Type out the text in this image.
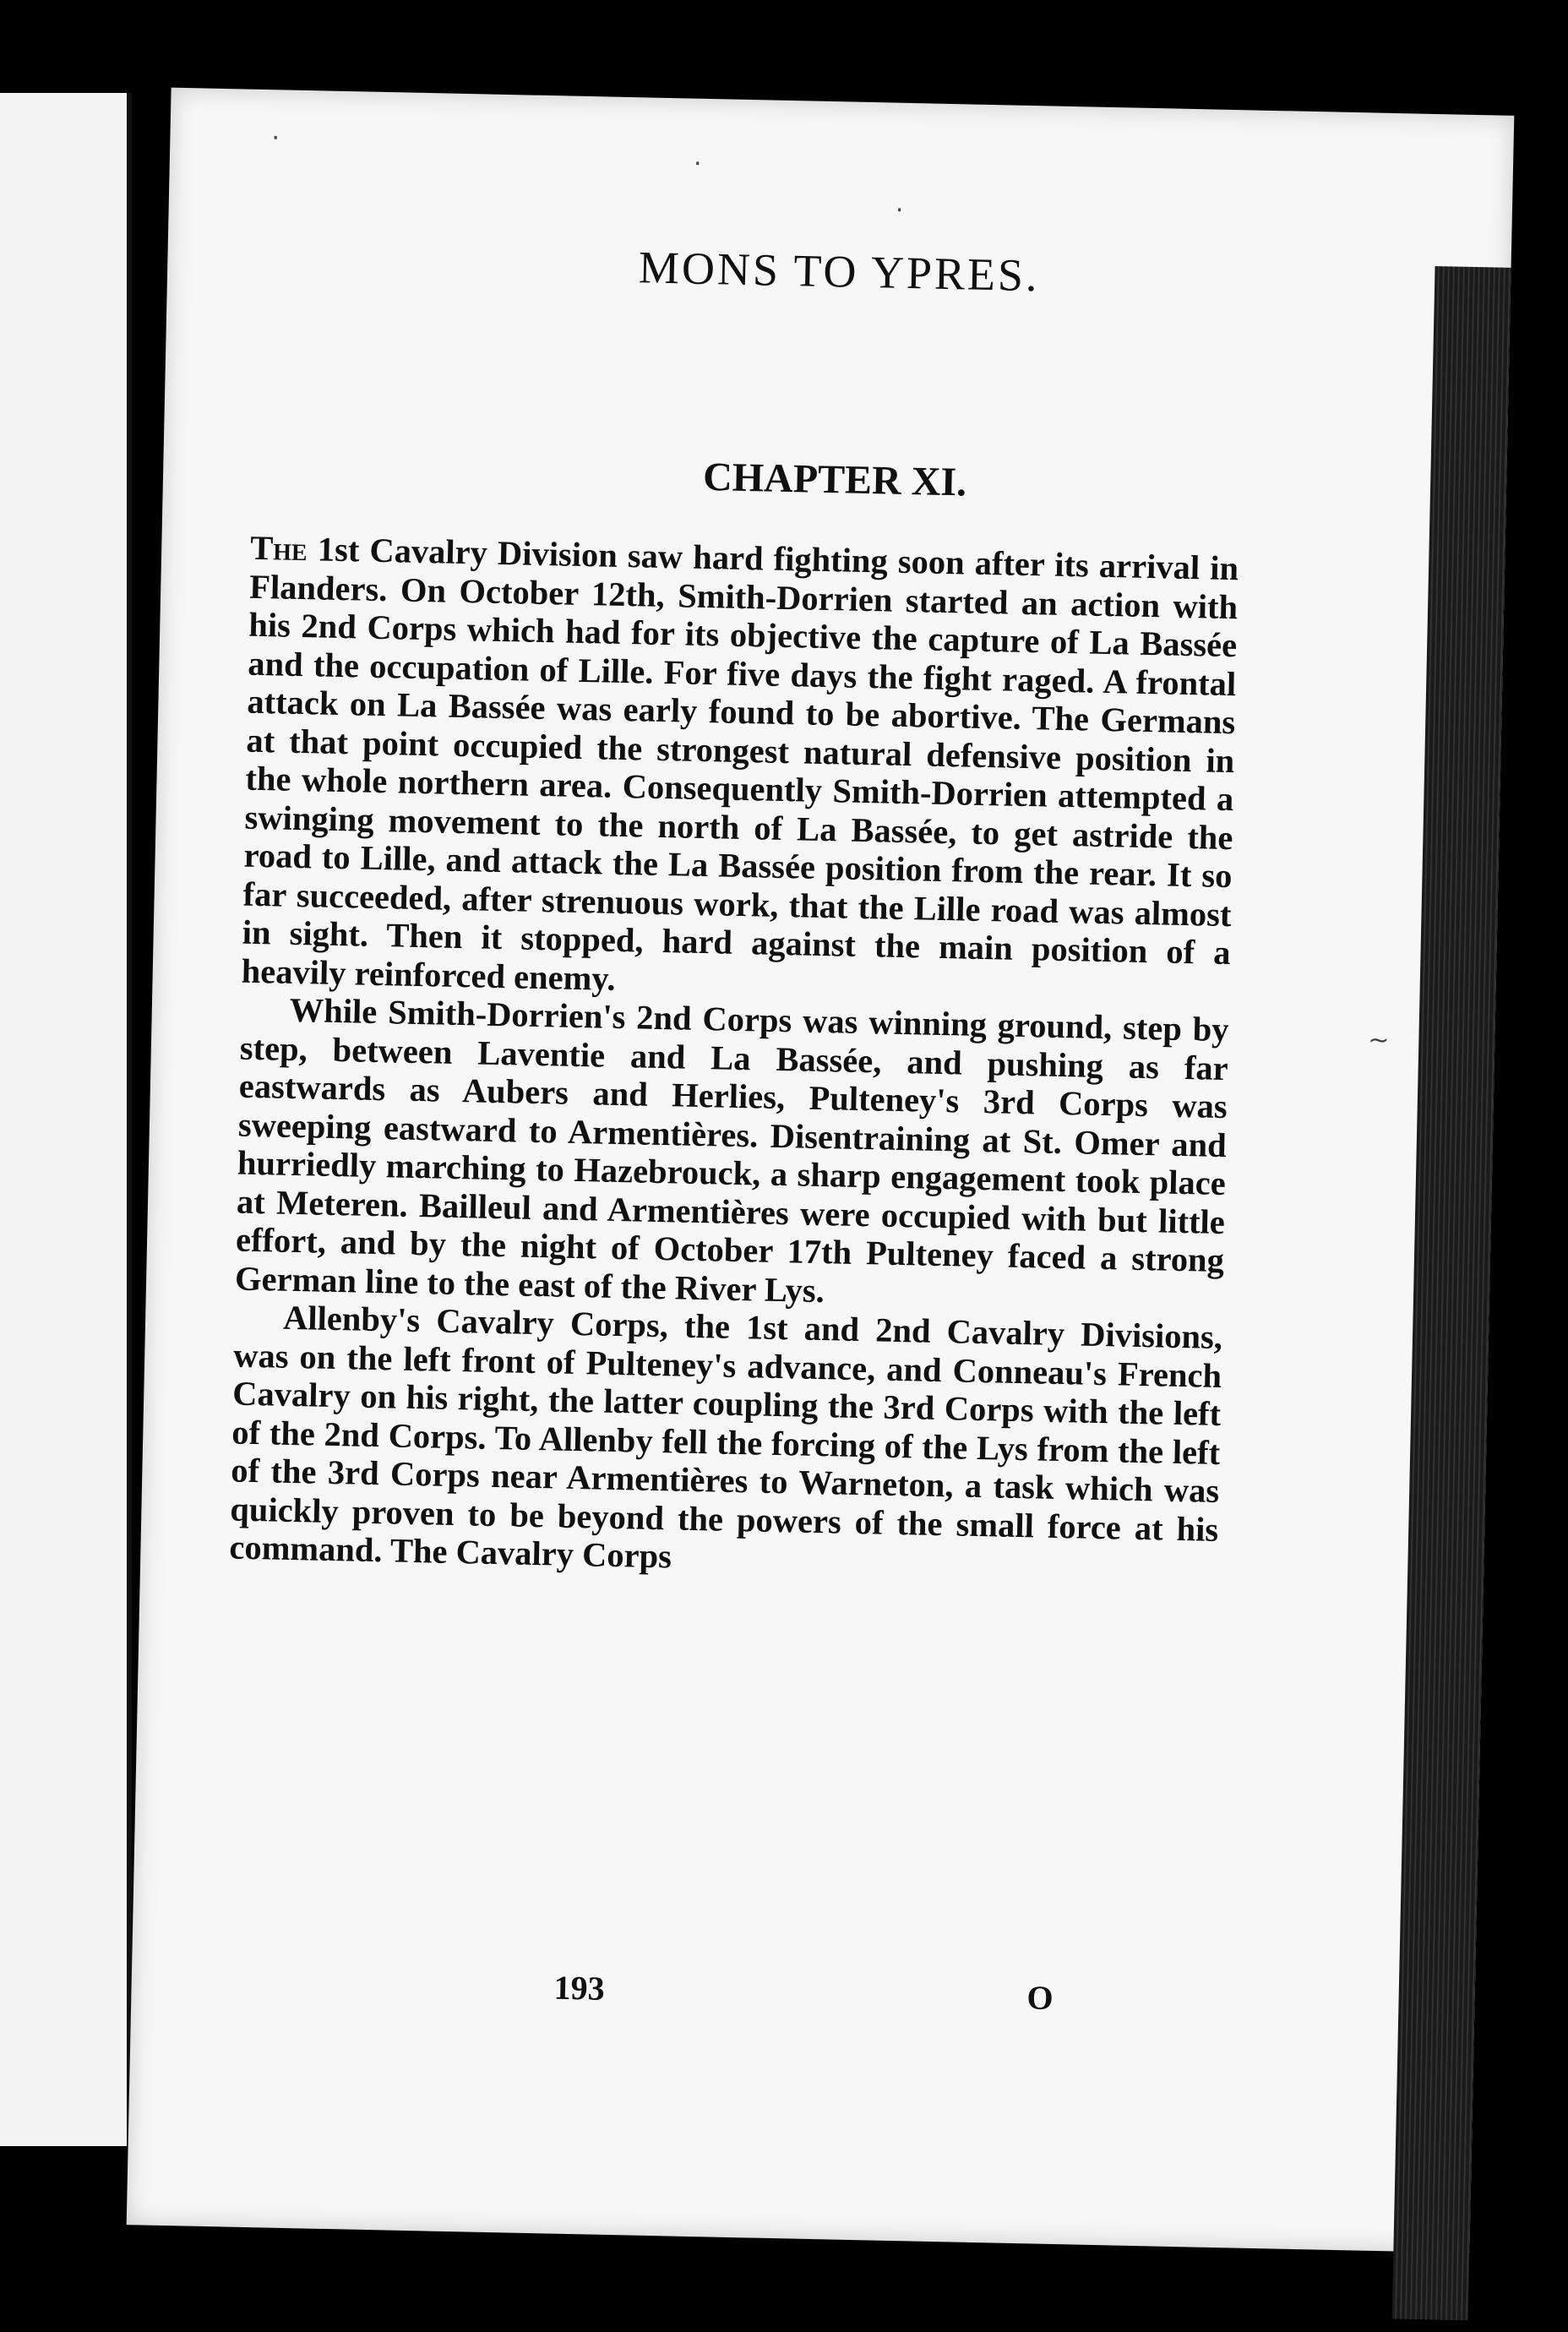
·
·
·
~
MONS TO YPRES.
CHAPTER XI.

The 1st Cavalry Division saw hard fighting soon after its arrival in Flanders. On October 12th, Smith-Dorrien started an action with his 2nd Corps which had for its objective the capture of La Bassée and the occupation of Lille. For five days the fight raged. A frontal attack on La Bassée was early found to be abortive. The Germans at that point occupied the strongest natural defensive position in the whole northern area. Consequently Smith-Dorrien attempted a swinging movement to the north of La Bassée, to get astride the road to Lille, and attack the La Bassée position from the rear. It so far succeeded, after strenuous work, that the Lille road was almost in sight. Then it stopped, hard against the main position of a heavily reinforced enemy.

While Smith-Dorrien's 2nd Corps was winning ground, step by step, between Laventie and La Bassée, and pushing as far eastwards as Aubers and Herlies, Pulteney's 3rd Corps was sweeping eastward to Armentières. Disentraining at St. Omer and hurriedly marching to Hazebrouck, a sharp engagement took place at Meteren. Bailleul and Armentières were occupied with but little effort, and by the night of October 17th Pulteney faced a strong German line to the east of the River Lys.

Allenby's Cavalry Corps, the 1st and 2nd Cavalry Divisions, was on the left front of Pulteney's advance, and Conneau's French Cavalry on his right, the latter coupling the 3rd Corps with the left of the 2nd Corps. To Allenby fell the forcing of the Lys from the left of the 3rd Corps near Armentières to Warneton, a task which was quickly proven to be beyond the powers of the small force at his command. The Cavalry Corps

193	O
